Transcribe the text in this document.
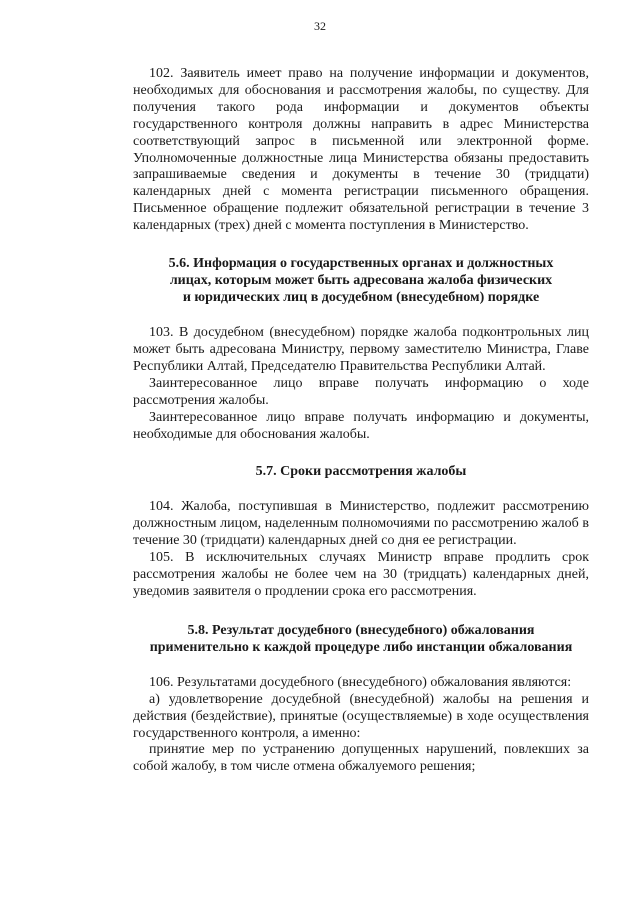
32

102. Заявитель имеет право на получение информации и документов, необходимых для обоснования и рассмотрения жалобы, по существу. Для получения такого рода информации и документов объекты государственного контроля должны направить в адрес Министерства соответствующий запрос в письменной или электронной форме. Уполномоченные должностные лица Министерства обязаны предоставить запрашиваемые сведения и документы в течение 30 (тридцати) календарных дней с момента регистрации письменного обращения. Письменное обращение подлежит обязательной регистрации в течение 3 календарных (трех) дней с момента поступления в Министерство.

5.6. Информация о государственных органах и должностных
лицах, которым может быть адресована жалоба физических
и юридических лиц в досудебном (внесудебном) порядке

103. В досудебном (внесудебном) порядке жалоба подконтрольных лиц может быть адресована Министру, первому заместителю Министра, Главе Республики Алтай, Председателю Правительства Республики Алтай.

Заинтересованное лицо вправе получать информацию о ходе рассмотрения жалобы.

Заинтересованное лицо вправе получать информацию и документы, необходимые для обоснования жалобы.

5.7. Сроки рассмотрения жалобы

104. Жалоба, поступившая в Министерство, подлежит рассмотрению должностным лицом, наделенным полномочиями по рассмотрению жалоб в течение 30 (тридцати) календарных дней со дня ее регистрации.

105. В исключительных случаях Министр вправе продлить срок рассмотрения жалобы не более чем на 30 (тридцать) календарных дней, уведомив заявителя о продлении срока его рассмотрения.

5.8. Результат досудебного (внесудебного) обжалования
применительно к каждой процедуре либо инстанции обжалования

106. Результатами досудебного (внесудебного) обжалования являются:

а) удовлетворение досудебной (внесудебной) жалобы на решения и действия (бездействие), принятые (осуществляемые) в ходе осуществления государственного контроля, а именно:

принятие мер по устранению допущенных нарушений, повлекших за собой жалобу, в том числе отмена обжалуемого решения;
